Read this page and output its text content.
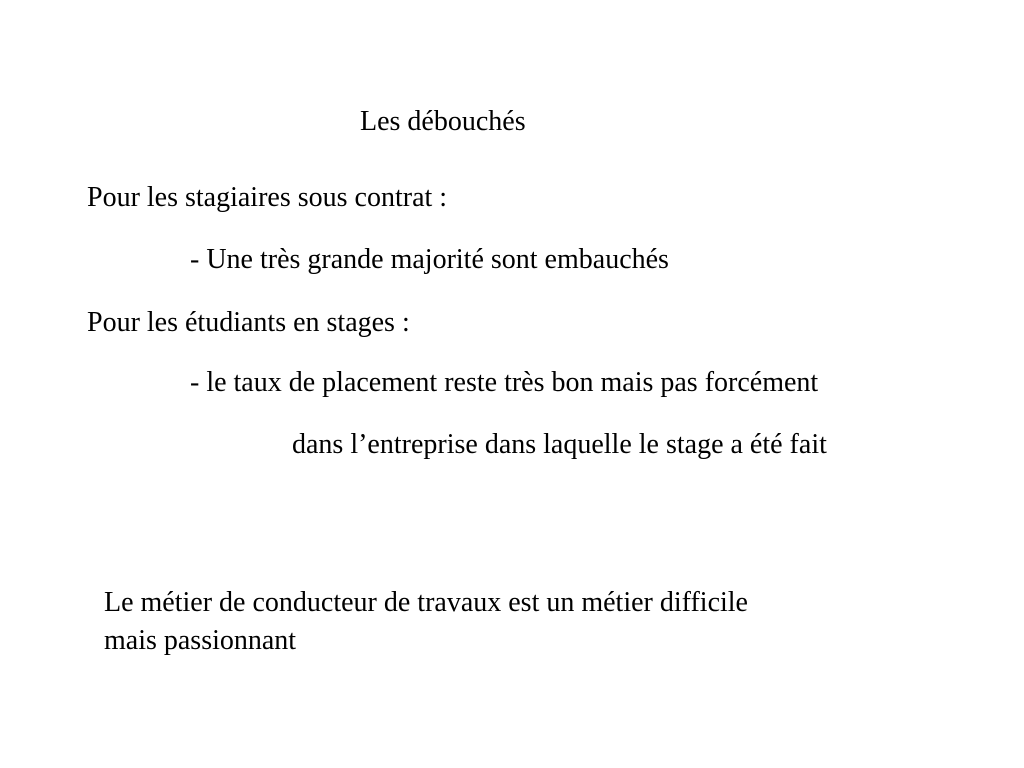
Les débouchés
Pour les stagiaires sous contrat :
- Une très grande majorité sont embauchés
Pour les étudiants en stages :
- le taux de placement reste très bon mais pas forcément
dans l’entreprise dans laquelle le stage a été fait
Le métier de conducteur de travaux est un métier difficile
mais passionnant
